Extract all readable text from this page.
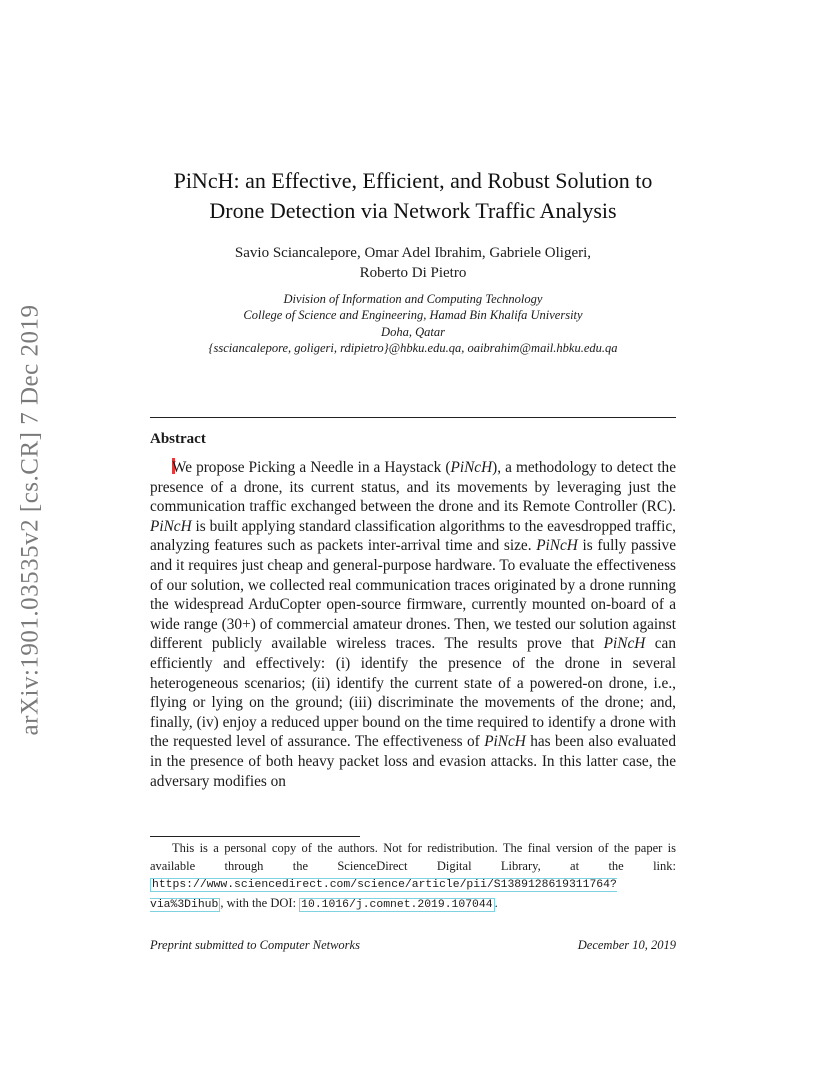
arXiv:1901.03535v2 [cs.CR] 7 Dec 2019
PiNcH: an Effective, Efficient, and Robust Solution to
Drone Detection via Network Traffic Analysis
Savio Sciancalepore, Omar Adel Ibrahim, Gabriele Oligeri,
Roberto Di Pietro
Division of Information and Computing Technology
College of Science and Engineering, Hamad Bin Khalifa University
Doha, Qatar
{ssciancalepore, goligeri, rdipietro}@hbku.edu.qa, oaibrahim@mail.hbku.edu.qa
Abstract

We propose Picking a Needle in a Haystack (PiNcH), a methodology to detect the presence of a drone, its current status, and its movements by leveraging just the communication traffic exchanged between the drone and its Remote Controller (RC). PiNcH is built applying standard classification algorithms to the eavesdropped traffic, analyzing features such as packets inter-arrival time and size. PiNcH is fully passive and it requires just cheap and general-purpose hardware. To evaluate the effectiveness of our solution, we collected real communication traces originated by a drone running the widespread ArduCopter open-source firmware, currently mounted on-board of a wide range (30+) of commercial amateur drones. Then, we tested our solution against different publicly available wireless traces. The results prove that PiNcH can efficiently and effectively: (i) identify the presence of the drone in several heterogeneous scenarios; (ii) identify the current state of a powered-on drone, i.e., flying or lying on the ground; (iii) discriminate the movements of the drone; and, finally, (iv) enjoy a reduced upper bound on the time required to identify a drone with the requested level of assurance. The effectiveness of PiNcH has been also evaluated in the presence of both heavy packet loss and evasion attacks. In this latter case, the adversary modifies on

This is a personal copy of the authors. Not for redistribution. The final version of the paper is available through the ScienceDirect Digital Library, at the link: https://www.sciencedirect.com/science/article/pii/S1389128619311764?via%3Dihub , with the DOI: 10.1016/j.comnet.2019.107044 .

Preprint submitted to Computer Networks	December 10, 2019
